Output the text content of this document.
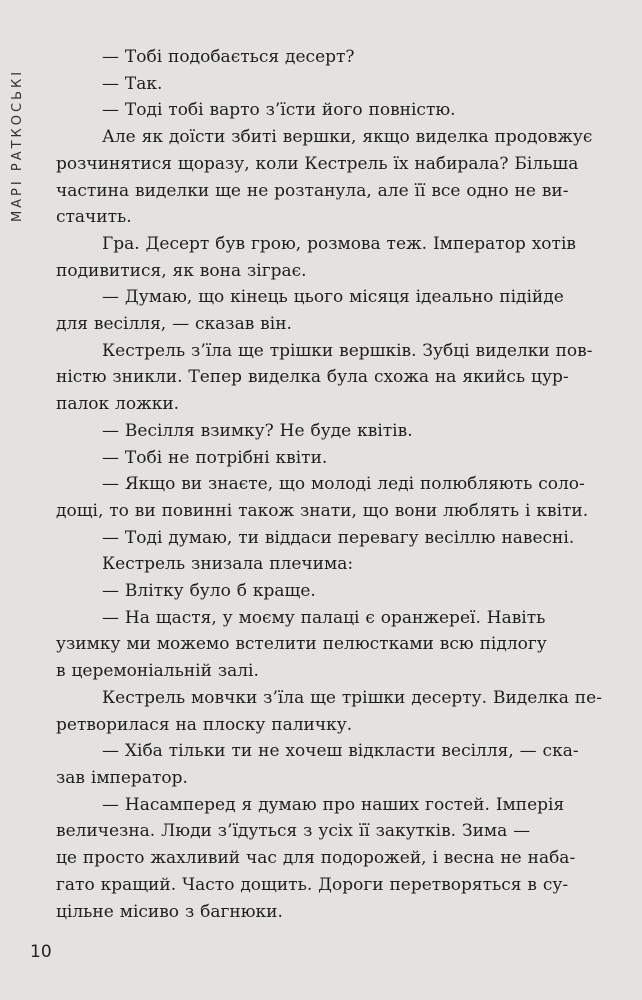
МАРІ РАТКОСЬКІ

— Тобі подобається десерт?

— Так.

— Тоді тобі варто з’їсти його повністю.

Але як доїсти збиті вершки, якщо виделка продовжує
розчинятися щоразу, коли Кестрель їх набирала? Більша
частина виделки ще не розтанула, але її все одно не ви-
стачить.

Гра. Десерт був грою, розмова теж. Імператор хотів
подивитися, як вона зіграє.

— Думаю, що кінець цього місяця ідеально підійде
для весілля, — сказав він.

Кестрель з’їла ще трішки вершків. Зубці виделки пов-
ністю зникли. Тепер виделка була схожа на якийсь цур-
палок ложки.

— Весілля взимку? Не буде квітів.

— Тобі не потрібні квіти.

— Якщо ви знаєте, що молоді леді полюбляють соло-
дощі, то ви повинні також знати, що вони люблять і квіти.

— Тоді думаю, ти віддаси перевагу весіллю навесні.

Кестрель знизала плечима:

— Влітку було б краще.

— На щастя, у моєму палаці є оранжереї. Навіть
узимку ми можемо встелити пелюстками всю підлогу
в церемоніальній залі.

Кестрель мовчки з’їла ще трішки десерту. Виделка пе-
ретворилася на плоску паличку.

— Хіба тільки ти не хочеш відкласти весілля, — ска-
зав імператор.

— Насамперед я думаю про наших гостей. Імперія
величезна. Люди з’їдуться з усіх її закутків. Зима —
це просто жахливий час для подорожей, і весна не наба-
гато кращий. Часто дощить. Дороги перетворяться в су-
цільне місиво з багнюки.

10
